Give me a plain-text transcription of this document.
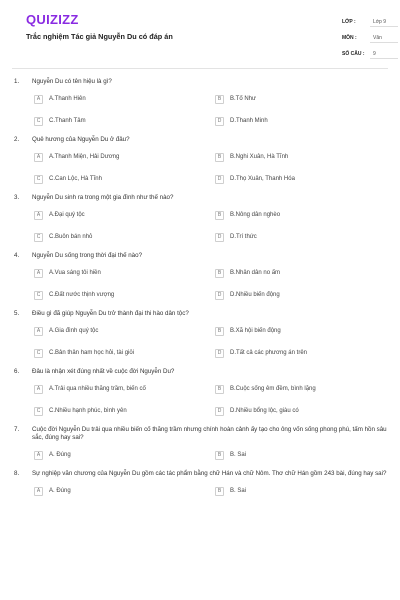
QUIZIZZ
Trắc nghiệm Tác giả Nguyễn Du có đáp án
LỚP :	Lớp 9
MÔN :	Văn
SỐ CÂU :	9
1.	Nguyễn Du có tên hiệu là gì?
A	A.Thanh Hiên	B	B.Tố Như
C	C.Thanh Tâm	D	D.Thanh Minh
2.	Quê hương của Nguyễn Du ở đâu?
A	A.Thanh Miện, Hải Dương	B	B.Nghi Xuân, Hà Tĩnh
C	C.Can Lộc, Hà Tĩnh	D	D.Thọ Xuân, Thanh Hóa
3.	Nguyễn Du sinh ra trong một gia đình như thế nào?
A	A.Đại quý tộc	B	B.Nông dân nghèo
C	C.Buôn bán nhỏ	D	D.Trí thức
4.	Nguyễn Du sống trong thời đại thế nào?
A	A.Vua sáng tôi hiền	B	B.Nhân dân no ấm
C	C.Đất nước thịnh vượng	D	D.Nhiều biến động
5.	Điều gì đã giúp Nguyễn Du trở thành đại thi hào dân tộc?
A	A.Gia đình quý tộc	B	B.Xã hội biến động
C	C.Bản thân ham học hỏi, tài giỏi	D	D.Tất cả các phương án trên
6.	Đâu là nhận xét đúng nhất về cuộc đời Nguyễn Du?
A	A.Trải qua nhiều thăng trầm, biến cố	B	B.Cuộc sống êm đềm, bình lặng
C	C.Nhiều hạnh phúc, bình yên	D	D.Nhiều bổng lộc, giàu có
7.	Cuộc đời Nguyễn Du trải qua nhiều biến cố thăng trầm nhưng chính hoàn cảnh ấy tạo cho ông vốn sống phong phú, tấm hồn sâu sắc, đúng hay sai?
A	A. Đúng	B	B. Sai
8.	Sự nghiệp văn chương của Nguyễn Du gồm các tác phẩm bằng chữ Hán và chữ Nôm. Thơ chữ Hán gồm 243 bài, đúng hay sai?
A	A. Đúng	B	B. Sai
